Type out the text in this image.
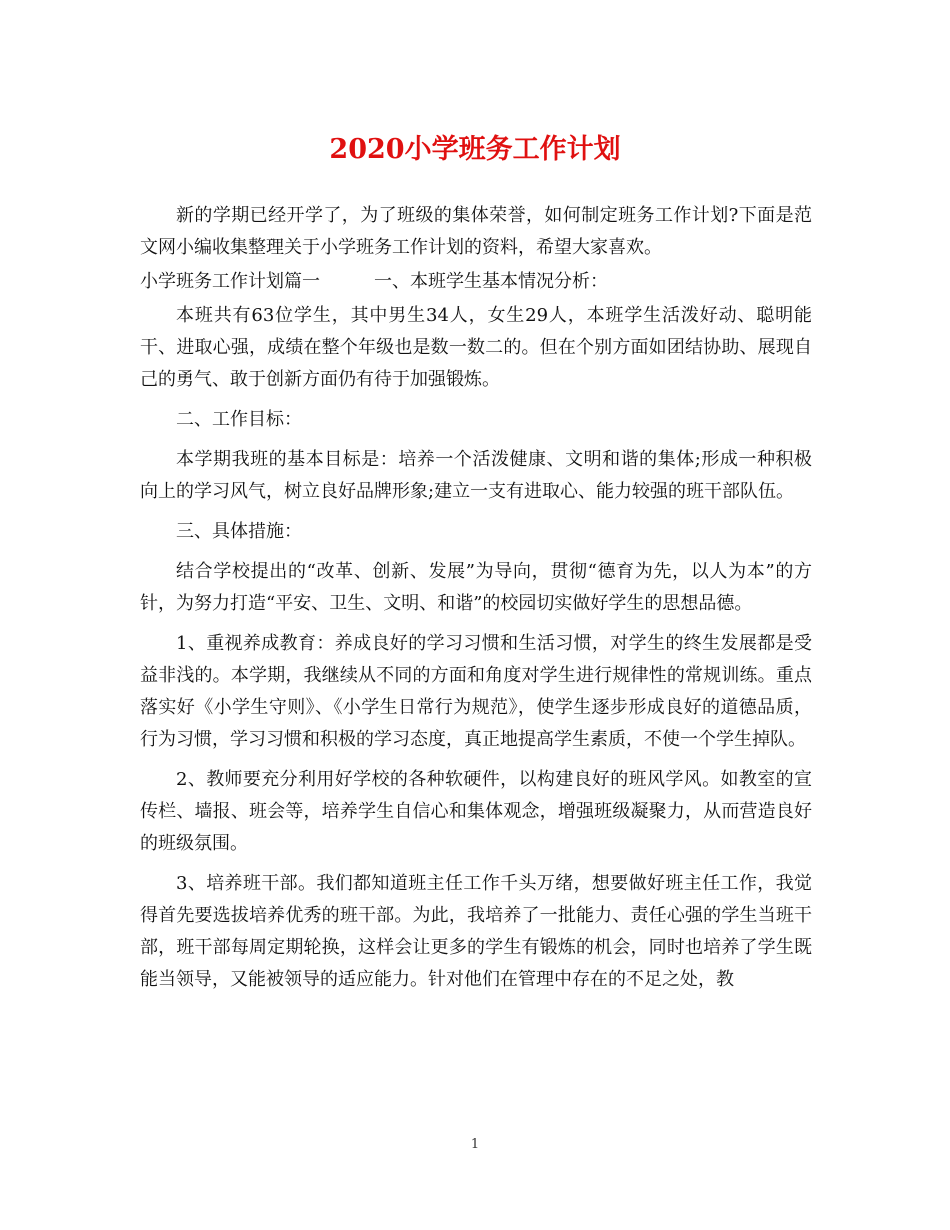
2020小学班务工作计划

新的学期已经开学了，为了班级的集体荣誉，如何制定班务工作计划?下面是范文网小编收集整理关于小学班务工作计划的资料，希望大家喜欢。

小学班务工作计划篇一	一、本班学生基本情况分析：

本班共有63位学生，其中男生34人，女生29人，本班学生活泼好动、聪明能干、进取心强，成绩在整个年级也是数一数二的。但在个别方面如团结协助、展现自己的勇气、敢于创新方面仍有待于加强锻炼。

二、工作目标：

本学期我班的基本目标是：培养一个活泼健康、文明和谐的集体;形成一种积极向上的学习风气，树立良好品牌形象;建立一支有进取心、能力较强的班干部队伍。

三、具体措施：

结合学校提出的“改革、创新、发展”为导向，贯彻“德育为先，以人为本”的方针，为努力打造“平安、卫生、文明、和谐”的校园切实做好学生的思想品德。

1、重视养成教育：养成良好的学习习惯和生活习惯，对学生的终生发展都是受益非浅的。本学期，我继续从不同的方面和角度对学生进行规律性的常规训练。重点落实好《小学生守则》、《小学生日常行为规范》，使学生逐步形成良好的道德品质，行为习惯，学习习惯和积极的学习态度，真正地提高学生素质，不使一个学生掉队。

2、教师要充分利用好学校的各种软硬件，以构建良好的班风学风。如教室的宣传栏、墙报、班会等，培养学生自信心和集体观念，增强班级凝聚力，从而营造良好的班级氛围。

3、培养班干部。我们都知道班主任工作千头万绪，想要做好班主任工作，我觉得首先要选拔培养优秀的班干部。为此，我培养了一批能力、责任心强的学生当班干部，班干部每周定期轮换，这样会让更多的学生有锻炼的机会，同时也培养了学生既能当领导，又能被领导的适应能力。针对他们在管理中存在的不足之处，教

1
